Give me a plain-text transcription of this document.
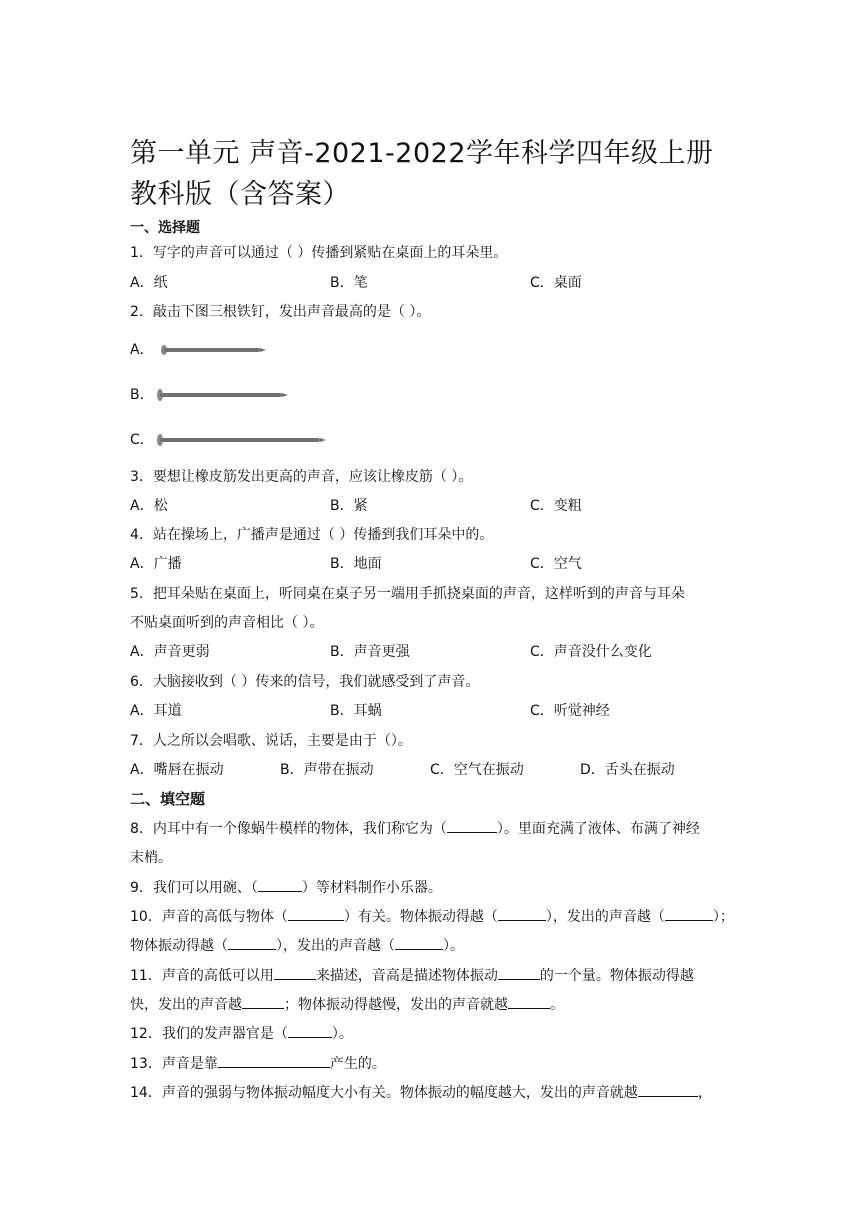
第一单元 声音-2021-2022学年科学四年级上册 教科版（含答案）
一、选择题
1．写字的声音可以通过（ ）传播到紧贴在桌面上的耳朵里。
A．纸	B．笔	C．桌面
2．敲击下图三根铁钉，发出声音最高的是（ ）。
A．
B．
C．
3．要想让橡皮筋发出更高的声音，应该让橡皮筋（ ）。
A．松	B．紧	C．变粗
4．站在操场上，广播声是通过（ ）传播到我们耳朵中的。
A．广播	B．地面	C．空气
5．把耳朵贴在桌面上，听同桌在桌子另一端用手抓挠桌面的声音，这样听到的声音与耳朵
不贴桌面听到的声音相比（ ）。
A．声音更弱	B．声音更强	C．声音没什么变化
6．大脑接收到（ ）传来的信号，我们就感受到了声音。
A．耳道	B．耳蜗	C．听觉神经
7．人之所以会唱歌、说话，主要是由于（）。
A．嘴唇在振动	B．声带在振动	C．空气在振动	D．舌头在振动
二、填空题
8．内耳中有一个像蜗牛模样的物体，我们称它为（	）。里面充满了液体、布满了神经
末梢。
9．我们可以用碗、（	）等材料制作小乐器。
10．声音的高低与物体（	）有关。物体振动得越（	），发出的声音越（	）；
物体振动得越（	），发出的声音越（	）。
11．声音的高低可以用	来描述，音高是描述物体振动	的一个量。物体振动得越
快，发出的声音越	；物体振动得越慢，发出的声音就越	。
12．我们的发声器官是（	）。
13．声音是靠	产生的。
14．声音的强弱与物体振动幅度大小有关。物体振动的幅度越大，发出的声音就越	，
